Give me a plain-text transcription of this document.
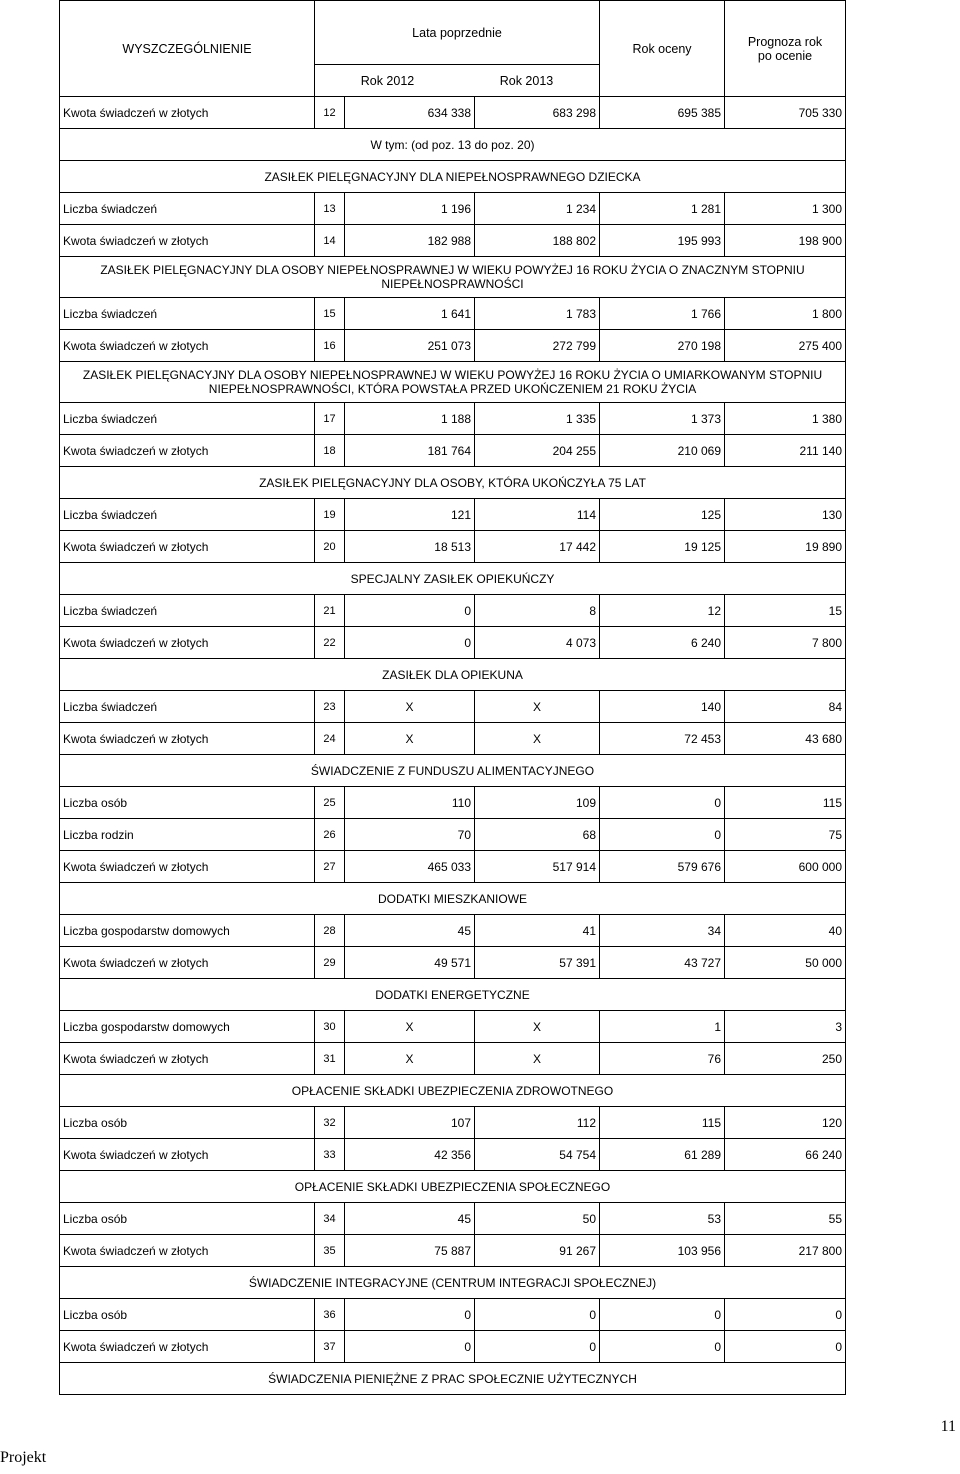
WYSZCZEGÓLNIENIE	Lata poprzednie			Rok oceny	Prognoza rok
po ocenie

	Rok 2012 Rok 2013				

Kwota świadczeń w złotych	12	634 338	683 298	695 385	705 330
W tym: (od poz. 13 do poz. 20)					
ZASIŁEK PIELĘGNACYJNY DLA NIEPEŁNOSPRAWNEGO DZIECKA					
Liczba świadczeń	13	1 196	1 234	1 281	1 300
Kwota świadczeń w złotych	14	182 988	188 802	195 993	198 900
ZASIŁEK PIELĘGNACYJNY DLA OSOBY NIEPEŁNOSPRAWNEJ W WIEKU POWYŻEJ 16 ROKU ŻYCIA O ZNACZNYM STOPNIU NIEPEŁNOSPRAWNOŚCI					
Liczba świadczeń	15	1 641	1 783	1 766	1 800
Kwota świadczeń w złotych	16	251 073	272 799	270 198	275 400
ZASIŁEK PIELĘGNACYJNY DLA OSOBY NIEPEŁNOSPRAWNEJ W WIEKU POWYŻEJ 16 ROKU ŻYCIA O UMIARKOWANYM STOPNIU NIEPEŁNOSPRAWNOŚCI, KTÓRA POWSTAŁA PRZED UKOŃCZENIEM 21 ROKU ŻYCIA					
Liczba świadczeń	17	1 188	1 335	1 373	1 380
Kwota świadczeń w złotych	18	181 764	204 255	210 069	211 140
ZASIŁEK PIELĘGNACYJNY DLA OSOBY, KTÓRA UKOŃCZYŁA 75 LAT					
Liczba świadczeń	19	121	114	125	130
Kwota świadczeń w złotych	20	18 513	17 442	19 125	19 890
SPECJALNY ZASIŁEK OPIEKUŃCZY					
Liczba świadczeń	21	0	8	12	15
Kwota świadczeń w złotych	22	0	4 073	6 240	7 800
ZASIŁEK DLA OPIEKUNA					
Liczba świadczeń	23	X	X	140	84
Kwota świadczeń w złotych	24	X	X	72 453	43 680
ŚWIADCZENIE Z FUNDUSZU ALIMENTACYJNEGO					
Liczba osób	25	110	109	0	115
Liczba rodzin	26	70	68	0	75
Kwota świadczeń w złotych	27	465 033	517 914	579 676	600 000
DODATKI MIESZKANIOWE					
Liczba gospodarstw domowych	28	45	41	34	40
Kwota świadczeń w złotych	29	49 571	57 391	43 727	50 000
DODATKI ENERGETYCZNE					
Liczba gospodarstw domowych	30	X	X	1	3
Kwota świadczeń w złotych	31	X	X	76	250
OPŁACENIE SKŁADKI UBEZPIECZENIA ZDROWOTNEGO					
Liczba osób	32	107	112	115	120
Kwota świadczeń w złotych	33	42 356	54 754	61 289	66 240
OPŁACENIE SKŁADKI UBEZPIECZENIA SPOŁECZNEGO					
Liczba osób	34	45	50	53	55
Kwota świadczeń w złotych	35	75 887	91 267	103 956	217 800
ŚWIADCZENIE INTEGRACYJNE (CENTRUM INTEGRACJI SPOŁECZNEJ)					
Liczba osób	36	0	0	0	0
Kwota świadczeń w złotych	37	0	0	0	0
ŚWIADCZENIA PIENIĘŻNE Z PRAC SPOŁECZNIE UŻYTECZNYCH					
Projekt
11
